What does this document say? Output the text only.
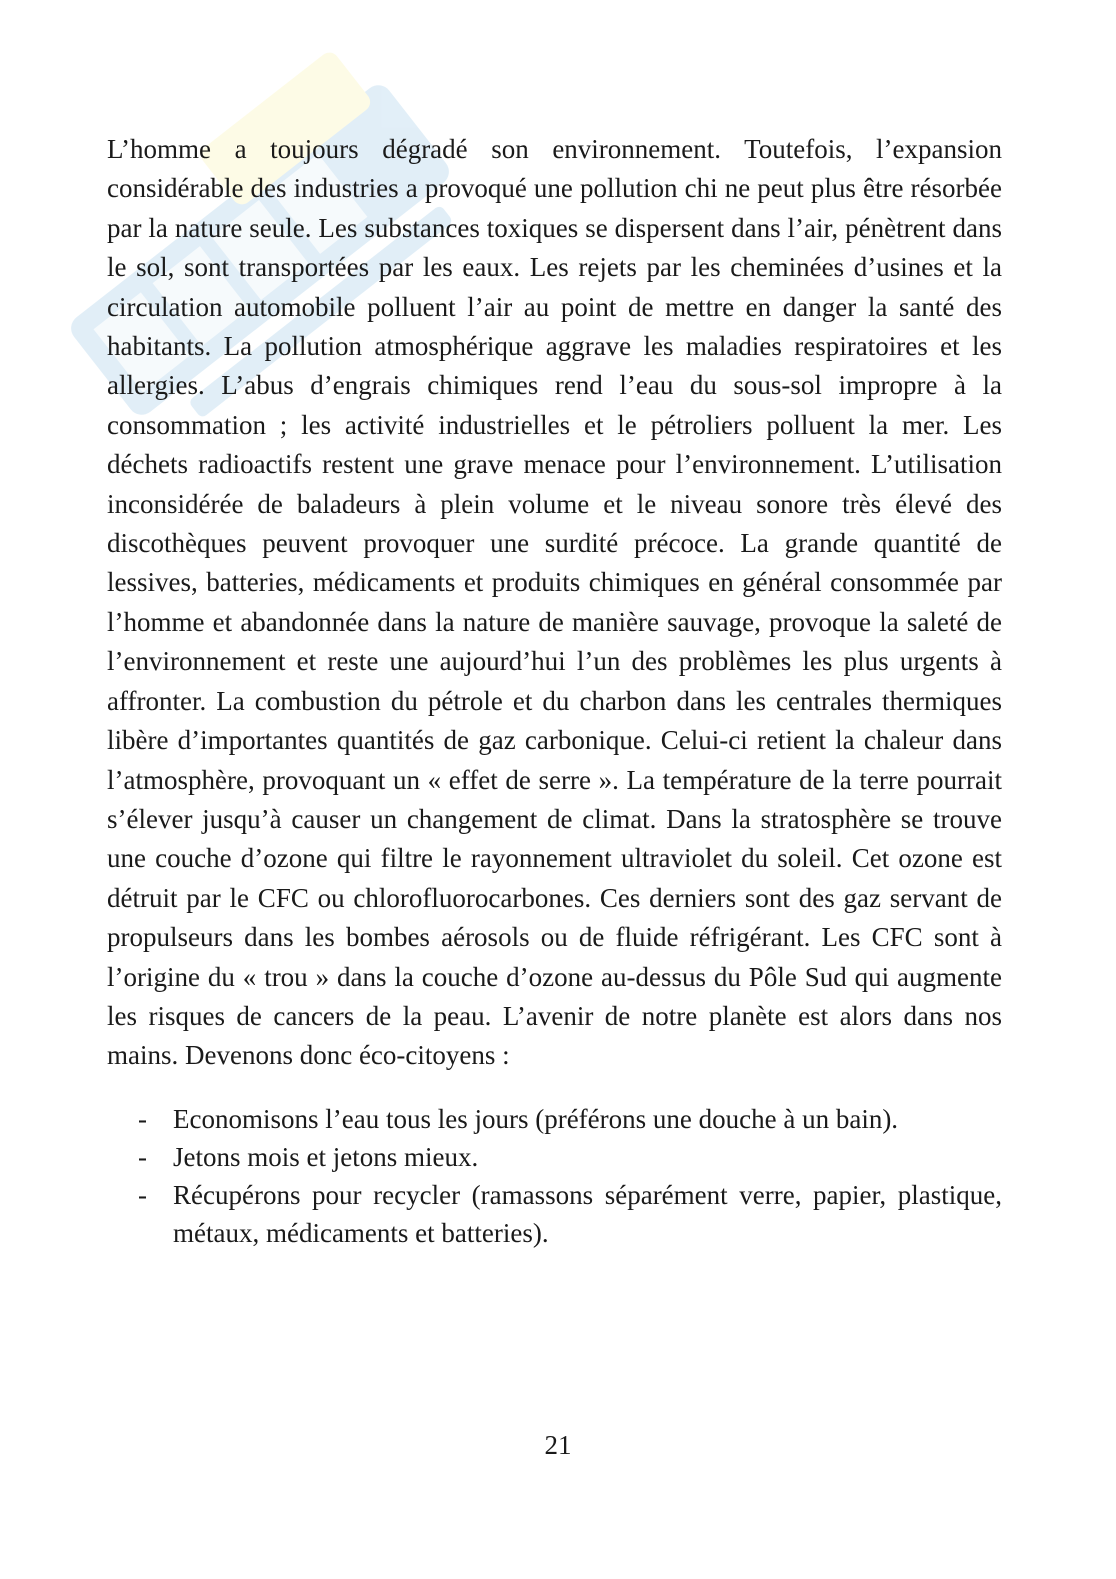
L’homme a toujours dégradé son environnement. Toutefois, l’expansion considérable des industries a provoqué une pollution chi ne peut plus être résorbée par la nature seule. Les substances toxiques se dispersent dans l’air, pénètrent dans le sol, sont transportées par les eaux. Les rejets par les cheminées d’usines et la circulation automobile polluent l’air au point de mettre en danger la santé des habitants. La pollution atmosphérique aggrave les maladies respiratoires et les allergies. L’abus d’engrais chimiques rend l’eau du sous-sol impropre à la consommation ; les activité industrielles et le pétroliers polluent la mer. Les déchets radioactifs restent une grave menace pour l’environnement. L’utilisation inconsidérée de baladeurs à plein volume et le niveau sonore très élevé des discothèques peuvent provoquer une surdité précoce. La grande quantité de lessives, batteries, médicaments et produits chimiques en général consommée par l’homme et abandonnée dans la nature de manière sauvage, provoque la saleté de l’environnement et reste une aujourd’hui l’un des problèmes les plus urgents à affronter. La combustion du pétrole et du charbon dans les centrales thermiques libère d’importantes quantités de gaz carbonique. Celui-ci retient la chaleur dans l’atmosphère, provoquant un « effet de serre ». La température de la terre pourrait s’élever jusqu’à causer un changement de climat. Dans la stratosphère se trouve une couche d’ozone qui filtre le rayonnement ultraviolet du soleil. Cet ozone est détruit par le CFC ou chlorofluorocarbones. Ces derniers sont des gaz servant de propulseurs dans les bombes aérosols ou de fluide réfrigérant. Les CFC sont à l’origine du « trou » dans la couche d’ozone au-dessus du Pôle Sud qui augmente les risques de cancers de la peau. L’avenir de notre planète est alors dans nos mains. Devenons donc éco-citoyens :

- Economisons l’eau tous les jours (préférons une douche à un bain).
- Jetons mois et jetons mieux.
- Récupérons pour recycler (ramassons séparément verre, papier, plastique, métaux, médicaments et batteries).
21
